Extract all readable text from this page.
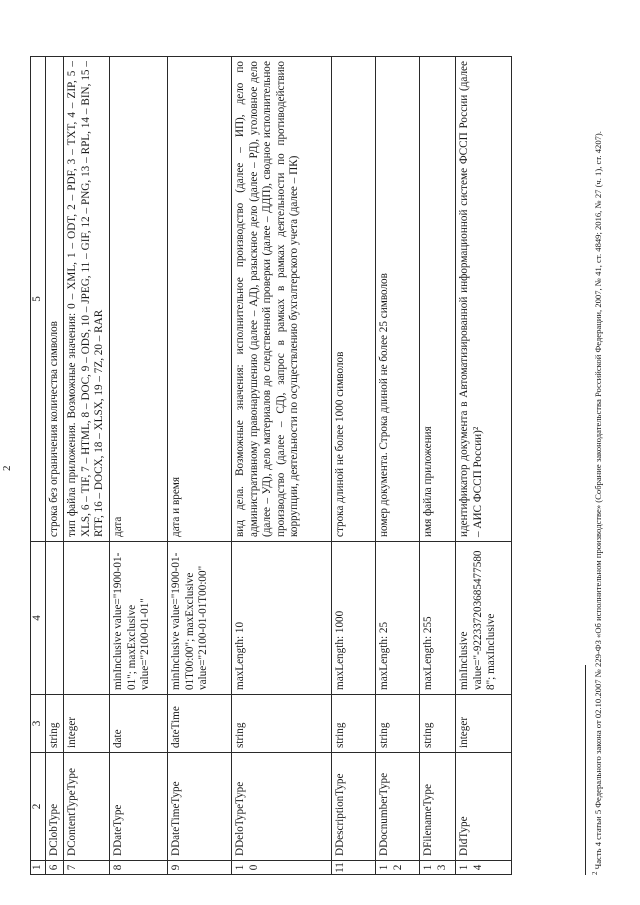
2
1	2	3	4	5
6	DClobType	string		строка без ограничения количества символов
7	DContentTypeType	integer		тип файла приложения. Возможные значения: 0 – XML, 1 – ODT, 2 – PDF, 3 – TXT, 4 – ZIP, 5 – XLS, 6 – TIF, 7 – HTML, 8 – DOC, 9 – ODS, 10 – JPEG, 11 – GIF, 12 – PNG, 13 – RPL, 14 – BIN, 15 – RTF, 16 – DOCX, 18 – XLSX, 19 – 7Z, 20 – RAR
8	DDateType	date	minInclusive value="1900-01-01"; maxExclusive value="2100-01-01"	дата
9	DDateTimeType	dateTime	minInclusive value="1900-01-01T00:00"; maxExclusive value="2100-01-01T00:00"	дата и время
10	DDeloTypeType	string	maxLength: 10	вид дела. Возможные значения: исполнительное производство (далее – ИП), дело по административному правонарушению (далее – АД), разыскное дело (далее – РД), уголовное дело (далее – УД), дело материалов до следственной проверки (далее – ДДП), сводное исполнительное производство (далее – СД), запрос в рамках в рамках деятельности по противодействию коррупции, деятельности по осуществлению бухгалтерского учета (далее – ПК)
11	DDescriptionType	string	maxLength: 1000	строка длиной не более 1000 символов
12	DDocnumberType	string	maxLength: 25	номер документа. Строка длиной не более 25 символов
13	DFilenameType	string	maxLength: 255	имя файла приложения
14	DIdType	integer	minInclusive value="-9223372036854775808"; maxInclusive	идентификатор документа в Автоматизированной информационной системе ФССП России (далее – АИС ФССП России)²
$^2$ Часть 4 статьи 5 Федерального закона от 02.10.2007 № 229-ФЗ «Об исполнительном производстве» (Собрание законодательства Российской Федерации, 2007, № 41, ст. 4849; 2016, № 27 (ч. 1), ст. 4207).
